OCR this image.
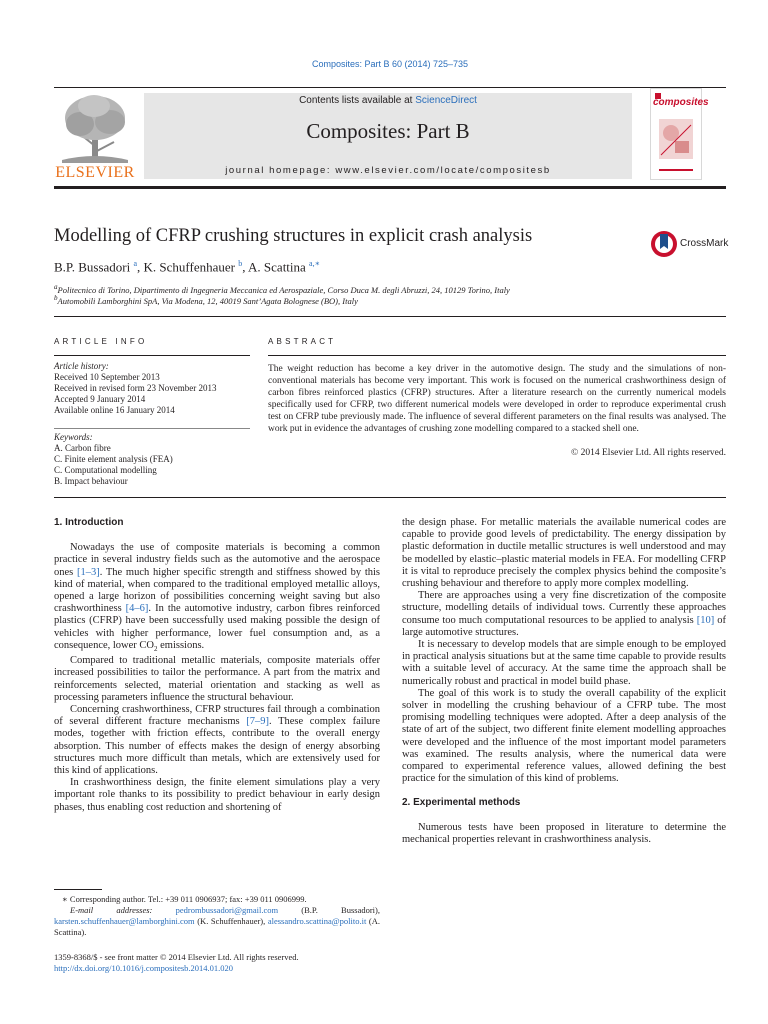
Composites: Part B 60 (2014) 725–735
ELSEVIER
Contents lists available at ScienceDirect
Composites: Part B
journal homepage: www.elsevier.com/locate/compositesb
composites
Modelling of CFRP crushing structures in explicit crash analysis	CrossMark
B.P. Bussadori $^a$, K. Schuffenhauer $^b$, A. Scattina $^{a,∗}$
$^a$Politecnico di Torino, Dipartimento di Ingegneria Meccanica ed Aerospaziale, Corso Duca M. degli Abruzzi, 24, 10129 Torino, Italy
$^b$Automobili Lamborghini SpA, Via Modena, 12, 40019 Sant’Agata Bolognese (BO), Italy
ARTICLE INFO	ABSTRACT
Article history:
Received 10 September 2013
Received in revised form 23 November 2013
Accepted 9 January 2014
Available online 16 January 2014
Keywords:
A. Carbon fibre
C. Finite element analysis (FEA)
C. Computational modelling
B. Impact behaviour
The weight reduction has become a key driver in the automotive design. The study and the simulations of non-conventional materials has become very important. This work is focused on the numerical crashworthiness design of carbon fibres reinforced plastics (CFRP) structures. After a literature research on the currently numerical models specifically used for CFRP, two different numerical models were developed in order to reproduce experimental crush test on CFRP tube previously made. The influence of several different parameters on the final results was analysed. The work put in evidence the advantages of crushing zone modelling compared to a stacked shell one.
© 2014 Elsevier Ltd. All rights reserved.
1. Introduction

Nowadays the use of composite materials is becoming a common practice in several industry fields such as the automotive and the aerospace ones [1–3]. The much higher specific strength and stiffness showed by this kind of material, when compared to the traditional employed metallic alloys, opened a large horizon of possibilities concerning weight saving but also crashworthiness [4–6]. In the automotive industry, carbon fibres reinforced plastics (CFRP) have been successfully used making possible the design of vehicles with higher performance, lower fuel consumption and, as a consequence, lower $CO_2$ emissions.

Compared to traditional metallic materials, composite materials offer increased possibilities to tailor the performance. A part from the matrix and reinforcements selected, material orientation and stacking as well as processing parameters influence the structural behaviour.

Concerning crashworthiness, CFRP structures fail through a combination of several different fracture mechanisms [7–9]. These complex failure modes, together with friction effects, contribute to the overall energy absorption. This number of effects makes the design of energy absorbing structures much more difficult than metals, which are extensively used for this kind of applications.

In crashworthiness design, the finite element simulations play a very important role thanks to its possibility to predict behaviour in early design phases, thus enabling cost reduction and shortening of

the design phase. For metallic materials the available numerical codes are capable to provide good levels of predictability. The energy dissipation by plastic deformation in ductile metallic structures is well understood and may be modelled by elastic–plastic material models in FEA. For modelling CFRP it is vital to reproduce precisely the complex physics behind the composite’s crushing behaviour and therefore to apply more complex modelling.

There are approaches using a very fine discretization of the composite structure, modelling details of individual tows. Currently these approaches consume too much computational resources to be applied to analysis [10] of large automotive structures.

It is necessary to develop models that are simple enough to be employed in practical analysis situations but at the same time capable to provide results with a suitable level of accuracy. At the same time the approach shall be numerically robust and practical in model build phase.

The goal of this work is to study the overall capability of the explicit solver in modelling the crushing behaviour of a CFRP tube. The most promising modelling techniques were adopted. After a deep analysis of the state of art of the subject, two different finite element modelling approaches were developed and the influence of the most important model parameters was examined. The results analysis, where the numerical data were compared to experimental reference values, allowed defining the best practice for the simulation of this kind of problems.

2. Experimental methods

Numerous tests have been proposed in literature to determine the mechanical properties relevant in crashworthiness analysis.

∗ Corresponding author. Tel.: +39 011 0906937; fax: +39 011 0906999.
E-mail addresses:	pedrombussadori@gmail.com	(B.P. Bussadori), karsten.schuffenhauer@lamborghini.com (K. Schuffenhauer), alessandro.scattina@polito.it (A. Scattina).
1359-8368/$ - see front matter © 2014 Elsevier Ltd. All rights reserved.
http://dx.doi.org/10.1016/j.compositesb.2014.01.020
